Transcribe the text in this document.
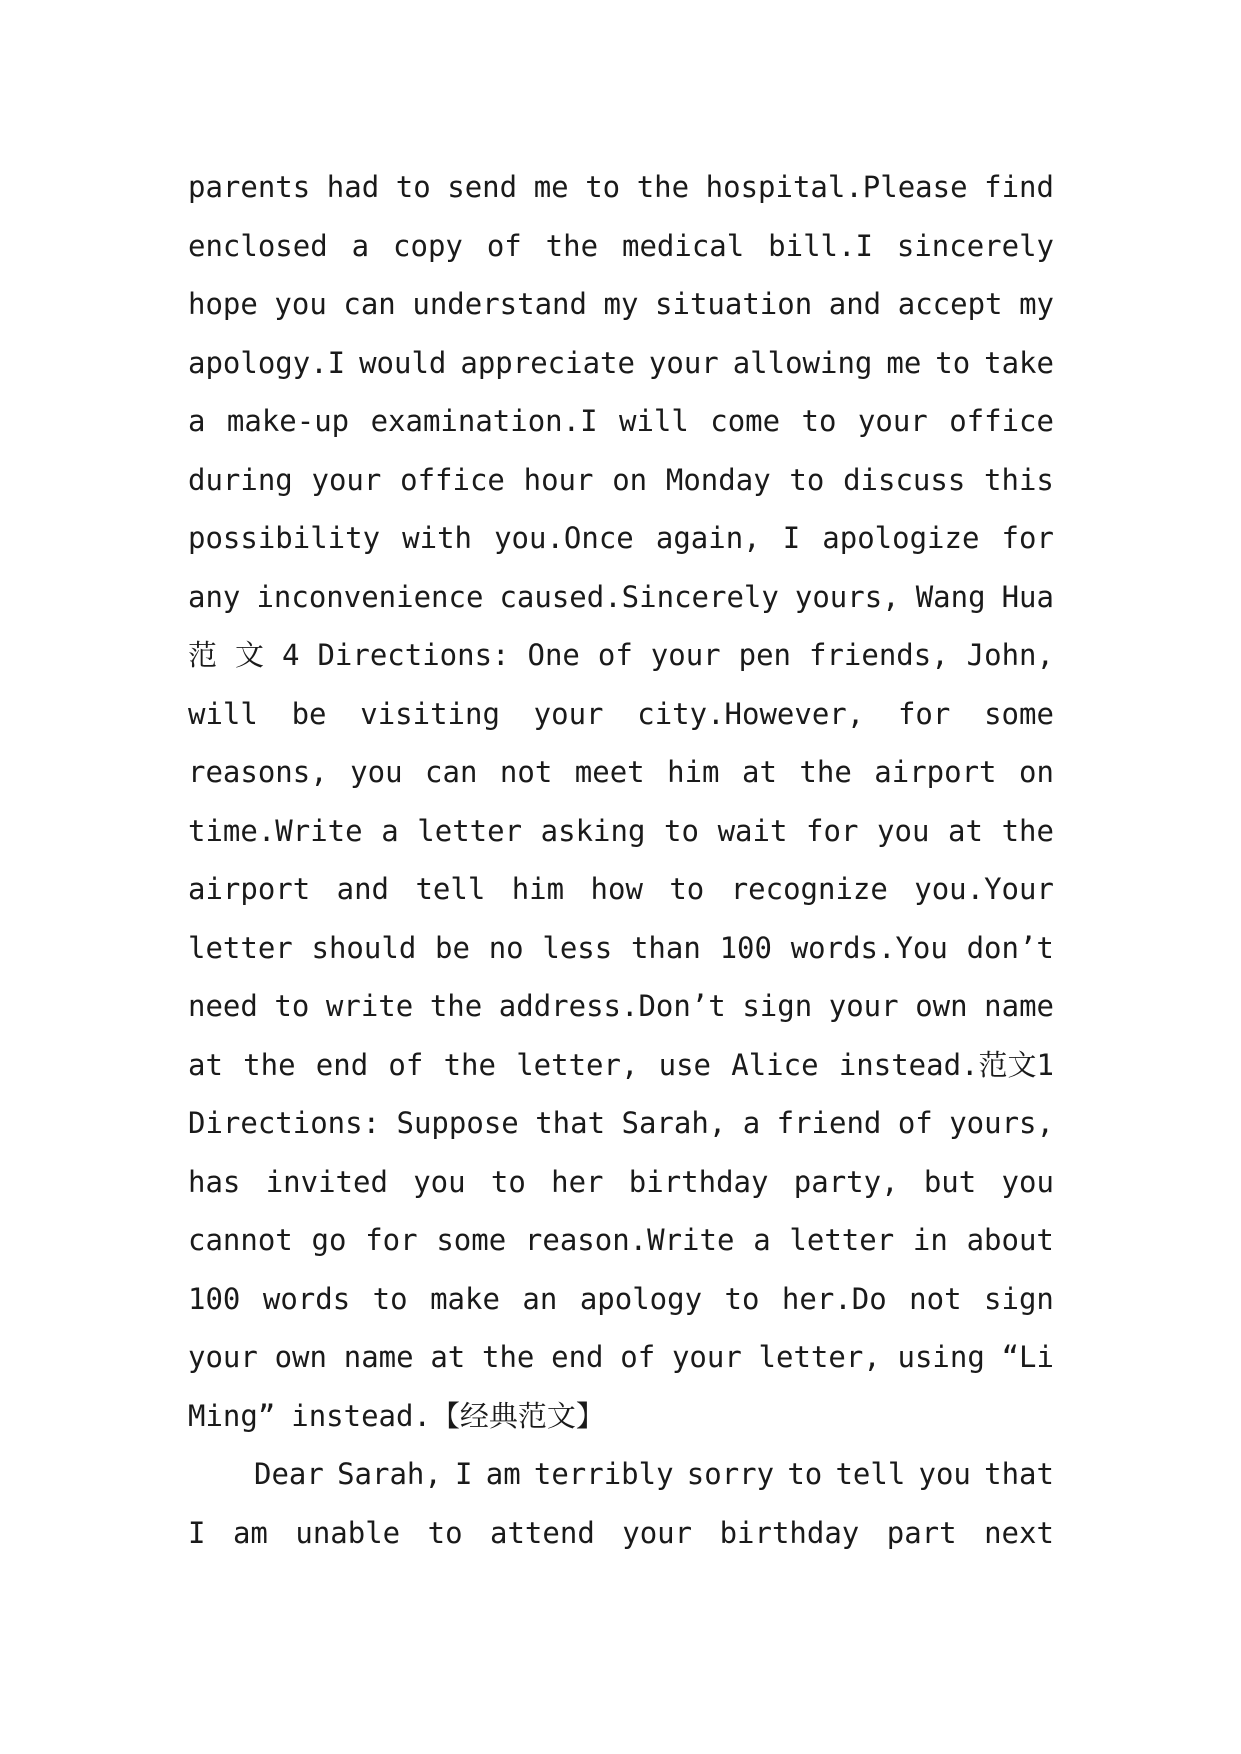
parents had to send me to the hospital.Please find
enclosed a copy of the medical bill.I sincerely
hope you can understand my situation and accept my
apology.I would appreciate your allowing me to take
a make-up examination.I will come to your office
during your office hour on Monday to discuss this
possibility with you.Once again, I apologize for
any inconvenience caused.Sincerely yours, Wang Hua
范 文 4 Directions: One of your pen friends, John,
will be visiting your city.However, for some
reasons, you can not meet him at the airport on
time.Write a letter asking to wait for you at the
airport and tell him how to recognize you.Your
letter should be no less than 100 words.You don’t
need to write the address.Don’t sign your own name
at the end of the letter, use Alice instead.范文1
Directions: Suppose that Sarah, a friend of yours,
has invited you to her birthday party, but you
cannot go for some reason.Write a letter in about
100 words to make an apology to her.Do not sign
your own name at the end of your letter, using “Li
Ming” instead.【经典范文】
Dear Sarah, I am terribly sorry to tell you that
I am unable to attend your birthday part next
